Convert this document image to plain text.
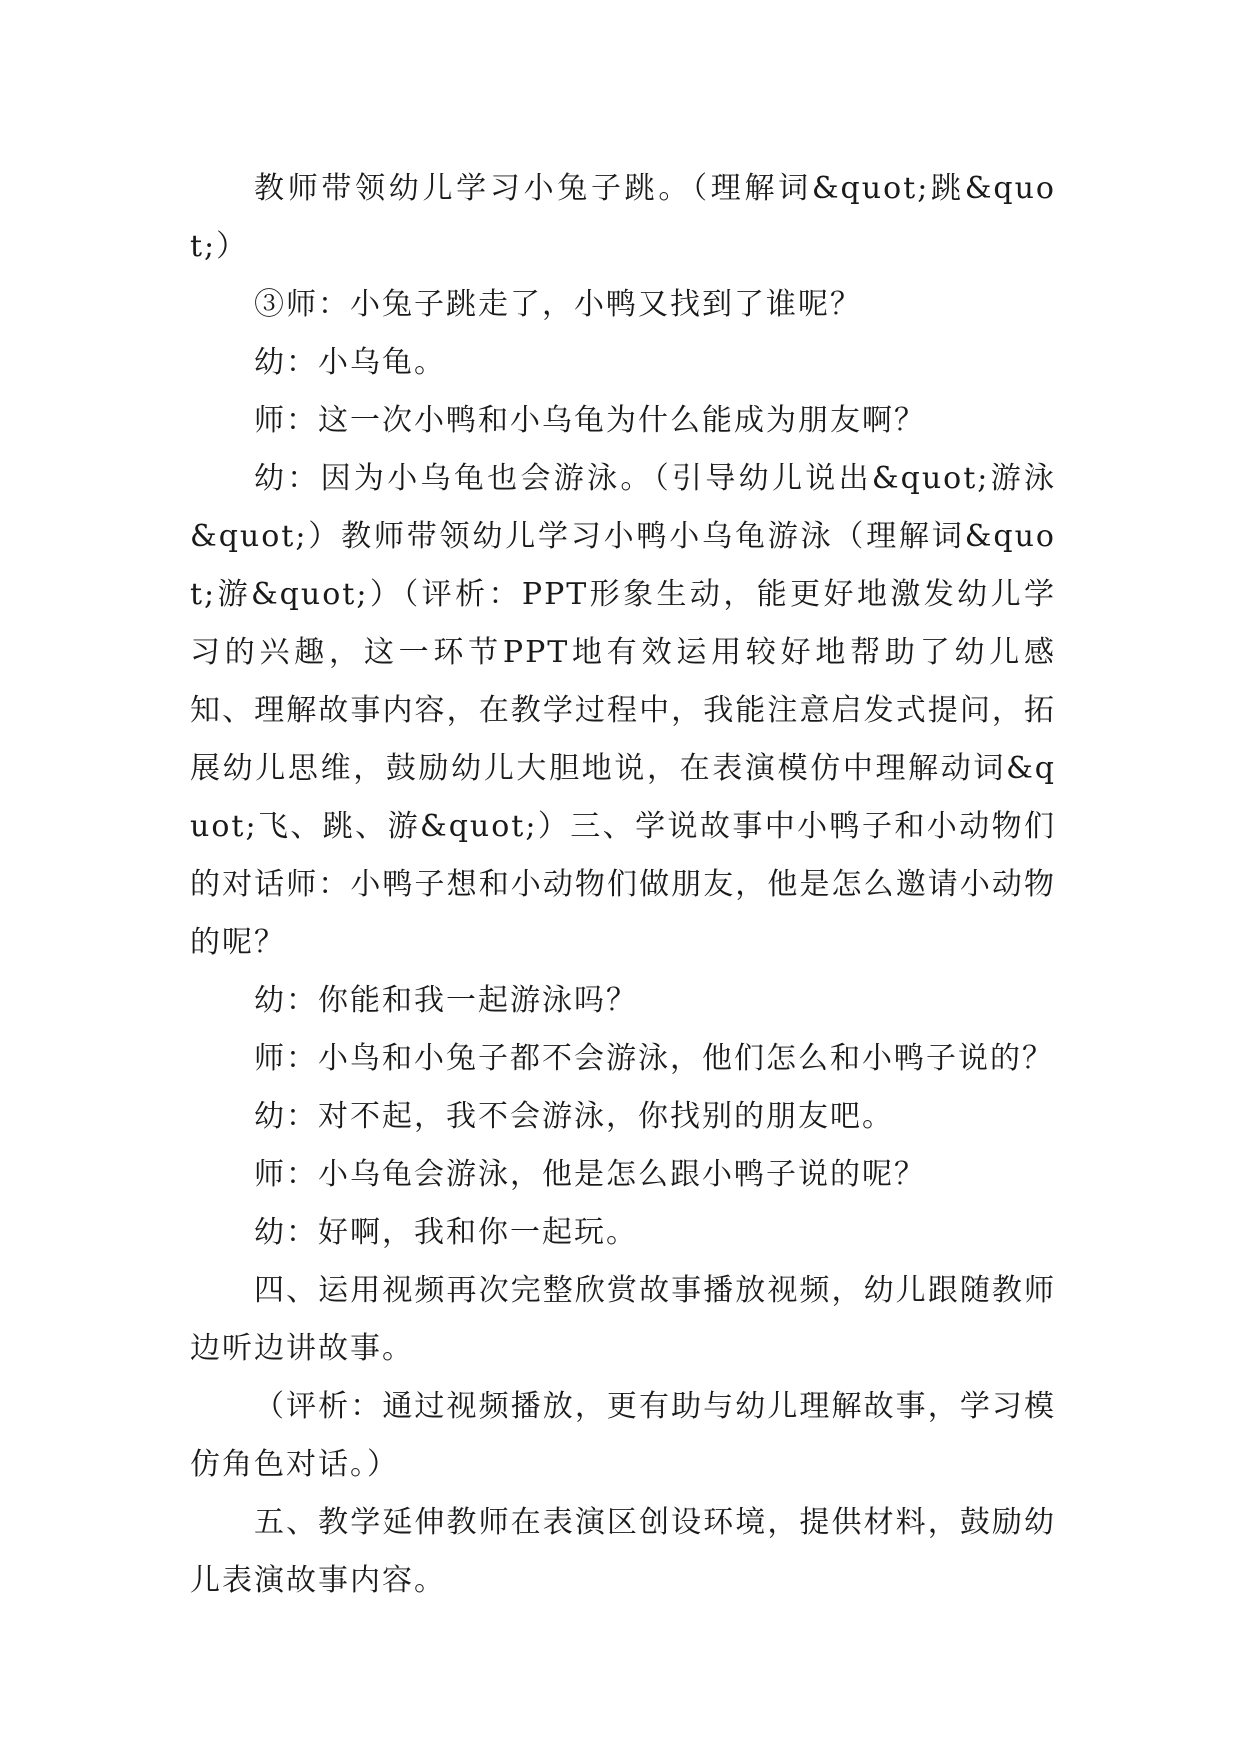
教师带领幼儿学习小兔子跳。（理解词&quot;跳&quot;）

③师：小兔子跳走了，小鸭又找到了谁呢？

幼：小乌龟。

师：这一次小鸭和小乌龟为什么能成为朋友啊？

幼：因为小乌龟也会游泳。（引导幼儿说出&quot;游泳&quot;）教师带领幼儿学习小鸭小乌龟游泳（理解词&quot;游&quot;）（评析：PPT形象生动，能更好地激发幼儿学习的兴趣，这一环节PPT地有效运用较好地帮助了幼儿感知、理解故事内容，在教学过程中，我能注意启发式提问，拓展幼儿思维，鼓励幼儿大胆地说，在表演模仿中理解动词&quot;飞、跳、游&quot;）三、学说故事中小鸭子和小动物们的对话师：小鸭子想和小动物们做朋友，他是怎么邀请小动物的呢？

幼：你能和我一起游泳吗？

师：小鸟和小兔子都不会游泳，他们怎么和小鸭子说的？

幼：对不起，我不会游泳，你找别的朋友吧。

师：小乌龟会游泳，他是怎么跟小鸭子说的呢？

幼：好啊，我和你一起玩。

四、运用视频再次完整欣赏故事播放视频，幼儿跟随教师边听边讲故事。

（评析：通过视频播放，更有助与幼儿理解故事，学习模仿角色对话。）

五、教学延伸教师在表演区创设环境，提供材料，鼓励幼儿表演故事内容。
